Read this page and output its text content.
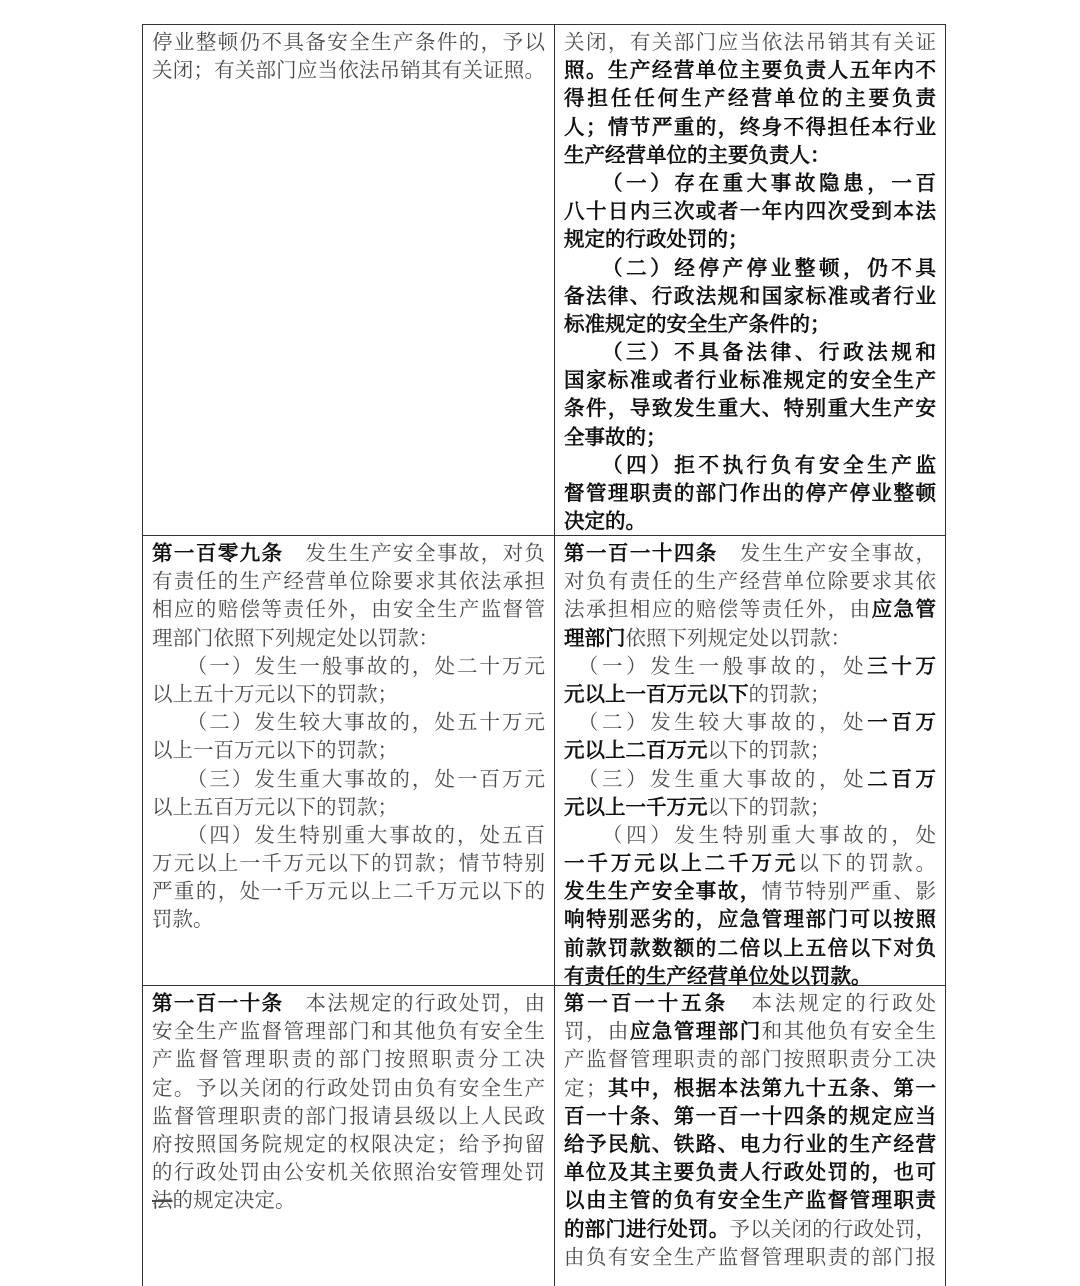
停业整顿仍不具备安全生产条件的，予以
关闭；有关部门应当依法吊销其有关证照。
关闭，有关部门应当依法吊销其有关证
照。生产经营单位主要负责人五年内不
得担任任何生产经营单位的主要负责
人；情节严重的，终身不得担任本行业
生产经营单位的主要负责人：
　　（一）存在重大事故隐患，一百
八十日内三次或者一年内四次受到本法
规定的行政处罚的；
　　（二）经停产停业整顿，仍不具
备法律、行政法规和国家标准或者行业
标准规定的安全生产条件的；
　　（三）不具备法律、行政法规和
国家标准或者行业标准规定的安全生产
条件，导致发生重大、特别重大生产安
全事故的；
　　（四）拒不执行负有安全生产监
督管理职责的部门作出的停产停业整顿
决定的。
第一百零九条　发生生产安全事故，对负
有责任的生产经营单位除要求其依法承担
相应的赔偿等责任外，由安全生产监督管
理部门依照下列规定处以罚款：
　　（一）发生一般事故的，处二十万元
以上五十万元以下的罚款；
　　（二）发生较大事故的，处五十万元
以上一百万元以下的罚款；
　　（三）发生重大事故的，处一百万元
以上五百万元以下的罚款；
　　（四）发生特别重大事故的，处五百
万元以上一千万元以下的罚款；情节特别
严重的，处一千万元以上二千万元以下的
罚款。
第一百一十四条　发生生产安全事故，
对负有责任的生产经营单位除要求其依
法承担相应的赔偿等责任外，由应急管
理部门依照下列规定处以罚款：
　（一）发生一般事故的，处三十万
元以上一百万元以下的罚款；
　（二）发生较大事故的，处一百万
元以上二百万元以下的罚款；
　（三）发生重大事故的，处二百万
元以上一千万元以下的罚款；
　　（四）发生特别重大事故的，处
一千万元以上二千万元以下的罚款。
发生生产安全事故，情节特别严重、影
响特别恶劣的，应急管理部门可以按照
前款罚款数额的二倍以上五倍以下对负
有责任的生产经营单位处以罚款。
第一百一十条　本法规定的行政处罚，由
安全生产监督管理部门和其他负有安全生
产监督管理职责的部门按照职责分工决
定。予以关闭的行政处罚由负有安全生产
监督管理职责的部门报请县级以上人民政
府按照国务院规定的权限决定；给予拘留
的行政处罚由公安机关依照治安管理处罚
法的规定决定。
第一百一十五条　本法规定的行政处
罚，由应急管理部门和其他负有安全生
产监督管理职责的部门按照职责分工决
定；其中，根据本法第九十五条、第一
百一十条、第一百一十四条的规定应当
给予民航、铁路、电力行业的生产经营
单位及其主要负责人行政处罚的，也可
以由主管的负有安全生产监督管理职责
的部门进行处罚。予以关闭的行政处罚，
由负有安全生产监督管理职责的部门报
